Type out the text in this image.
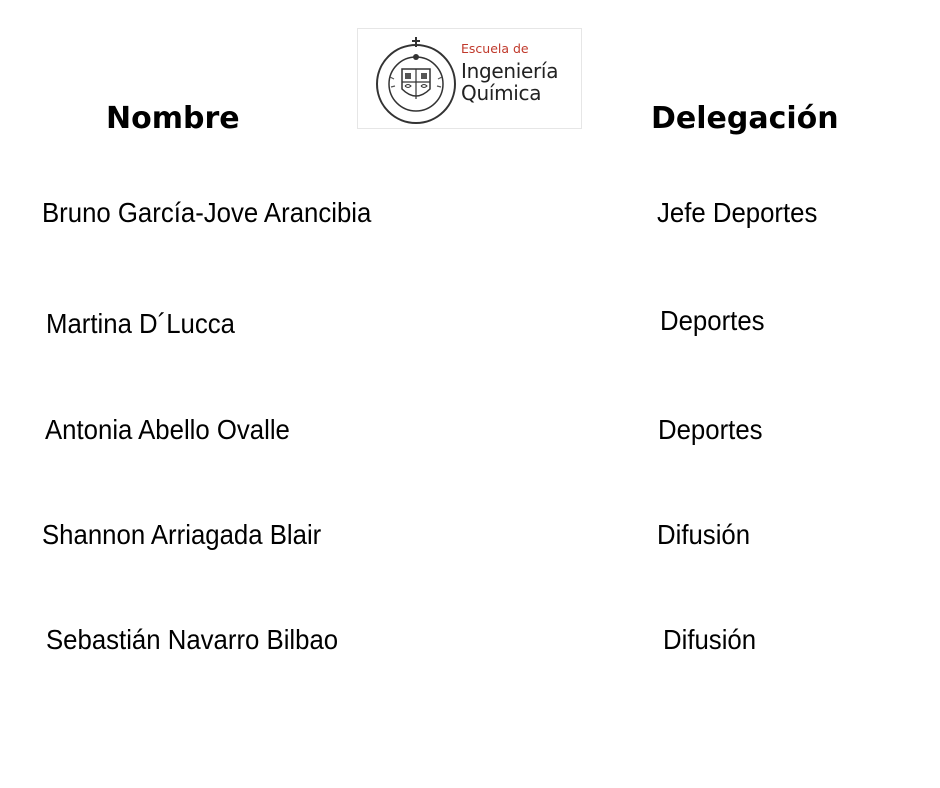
Escuela de
Ingeniería
Química
Nombre	Delegación
Bruno García-Jove Arancibia	Jefe Deportes
Martina D´Lucca	Deportes
Antonia Abello Ovalle	Deportes
Shannon Arriagada Blair	Difusión
Sebastián Navarro Bilbao	Difusión
